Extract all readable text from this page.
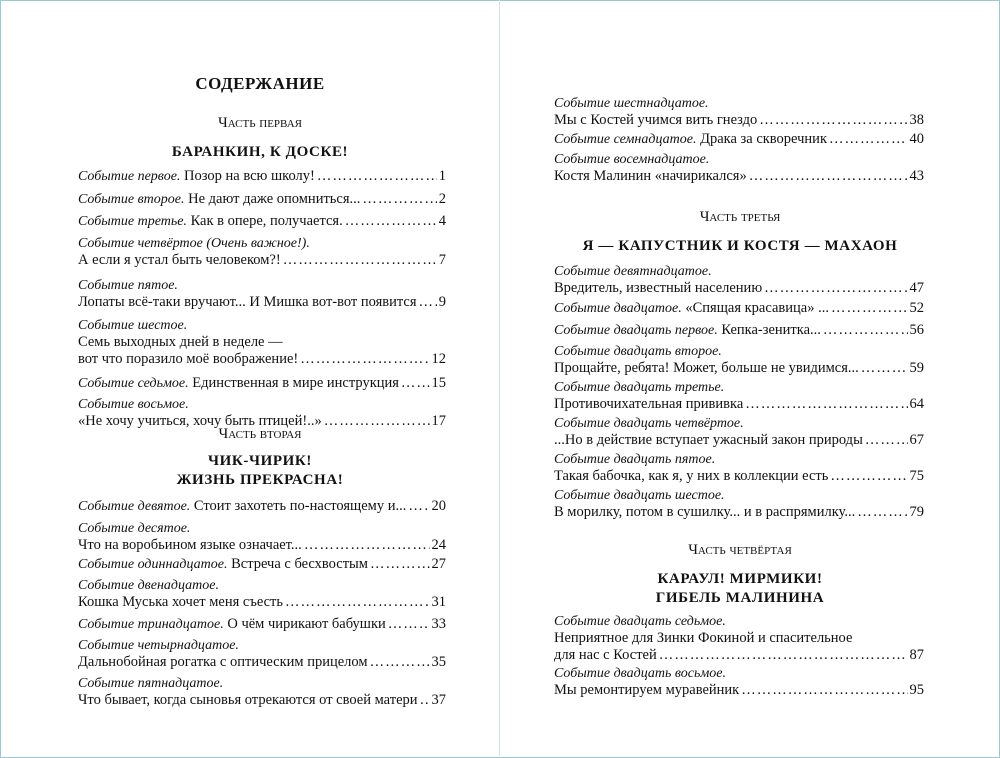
СОДЕРЖАНИЕ
Часть первая
БАРАНКИН, К ДОСКЕ!
Событие первое. Позор на всю школу! ……………………………………………………………………………………………………………………………………	1
Событие второе. Не дают даже опомниться... ……………………………………………………………………………………………………………………………………	2
Событие третье. Как в опере, получается. ……………………………………………………………………………………………………………………………………	4
Событие четвёртое (Очень важное!).
А если я устал быть человеком?! ……………………………………………………………………………………………………………………………………	7
Событие пятое.
Лопаты всё-таки вручают... И Мишка вот-вот появится …………………………………………………………………………………………………………………………………… 9
Событие шестое.
Семь выходных дней в неделе —
вот что поразило моё воображение! ……………………………………………………………………………………………………………………………………	12
Событие седьмое. Единственная в мире инструкция …………………………………………………………………………………………………………………………………… 15
Событие восьмое.
«Не хочу учиться, хочу быть птицей!..» ……………………………………………………………………………………………………………………………………	17
Часть вторая
ЧИК-ЧИРИК!
ЖИЗНЬ ПРЕКРАСНА!
Событие девятое. Стоит захотеть по-настоящему и... …………………………………………………………………………………………………………………………………… 20
Событие десятое.
Что на воробьином языке означает... ……………………………………………………………………………………………………………………………………	24
Событие одиннадцатое. Встреча с бесхвостым ……………………………………………………………………………………………………………………………………	27
Событие двенадцатое.
Кошка Муська хочет меня съесть ……………………………………………………………………………………………………………………………………	31
Событие тринадцатое. О чём чирикают бабушки ……………………………………………………………………………………………………………………………………	33
Событие четырнадцатое.
Дальнобойная рогатка с оптическим прицелом ……………………………………………………………………………………………………………………………………	35
Событие пятнадцатое.
Что бывает, когда сыновья отрекаются от своей матери …………………………………………………………………………………………………………………………………… 37
Событие шестнадцатое.
Мы с Костей учимся вить гнездо ……………………………………………………………………………………………………………………………………	38
Событие семнадцатое. Драка за скворечник ……………………………………………………………………………………………………………………………………	40
Событие восемнадцатое.
Костя Малинин «начирикался» ……………………………………………………………………………………………………………………………………	43
Часть третья
Я — КАПУСТНИК И КОСТЯ — МАХАОН
Событие девятнадцатое.
Вредитель, известный населению ……………………………………………………………………………………………………………………………………	47
Событие двадцатое. «Спящая красавица» ... ……………………………………………………………………………………………………………………………………	52
Событие двадцать первое. Кепка-зенитка... ……………………………………………………………………………………………………………………………………	56
Событие двадцать второе.
Прощайте, ребята! Может, больше не увидимся... ……………………………………………………………………………………………………………………………………	59
Событие двадцать третье.
Противочихательная прививка ……………………………………………………………………………………………………………………………………	64
Событие двадцать четвёртое.
...Но в действие вступает ужасный закон природы ……………………………………………………………………………………………………………………………………	67
Событие двадцать пятое.
Такая бабочка, как я, у них в коллекции есть ……………………………………………………………………………………………………………………………………	75
Событие двадцать шестое.
В морилку, потом в сушилку... и в распрямилку... ……………………………………………………………………………………………………………………………………	79
Часть четвёртая
КАРАУЛ! МИРМИКИ!
ГИБЕЛЬ МАЛИНИНА
Событие двадцать седьмое.
Неприятное для Зинки Фокиной и спасительное
для нас с Костей ……………………………………………………………………………………………………………………………………	87
Событие двадцать восьмое.
Мы ремонтируем муравейник ……………………………………………………………………………………………………………………………………	95
